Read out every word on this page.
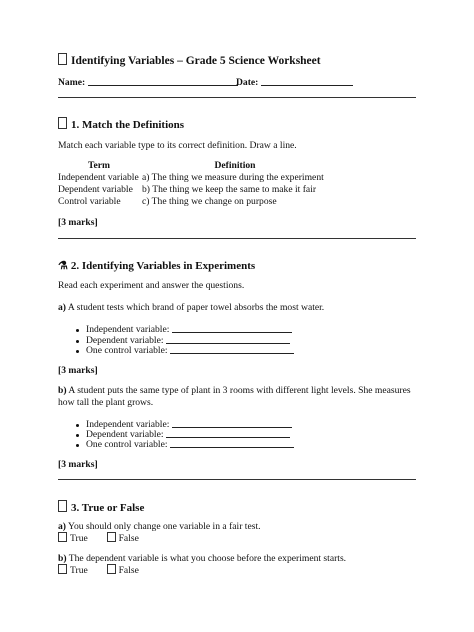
Identifying Variables – Grade 5 Science Worksheet
Name:	Date:
1. Match the Definitions
Match each variable type to its correct definition. Draw a line.
Term	Definition
Independent variable	a) The thing we measure during the experiment
Dependent variable	b) The thing we keep the same to make it fair
Control variable	c) The thing we change on purpose
[3 marks]
⚗ 2. Identifying Variables in Experiments
Read each experiment and answer the questions.
a) A student tests which brand of paper towel absorbs the most water.
Independent variable:
Dependent variable:
One control variable:
[3 marks]
b) A student puts the same type of plant in 3 rooms with different light levels. She measures
how tall the plant grows.
Independent variable:
Dependent variable:
One control variable:
[3 marks]
3. True or False
a) You should only change one variable in a fair test.
True	False
b) The dependent variable is what you choose before the experiment starts.
True	False
